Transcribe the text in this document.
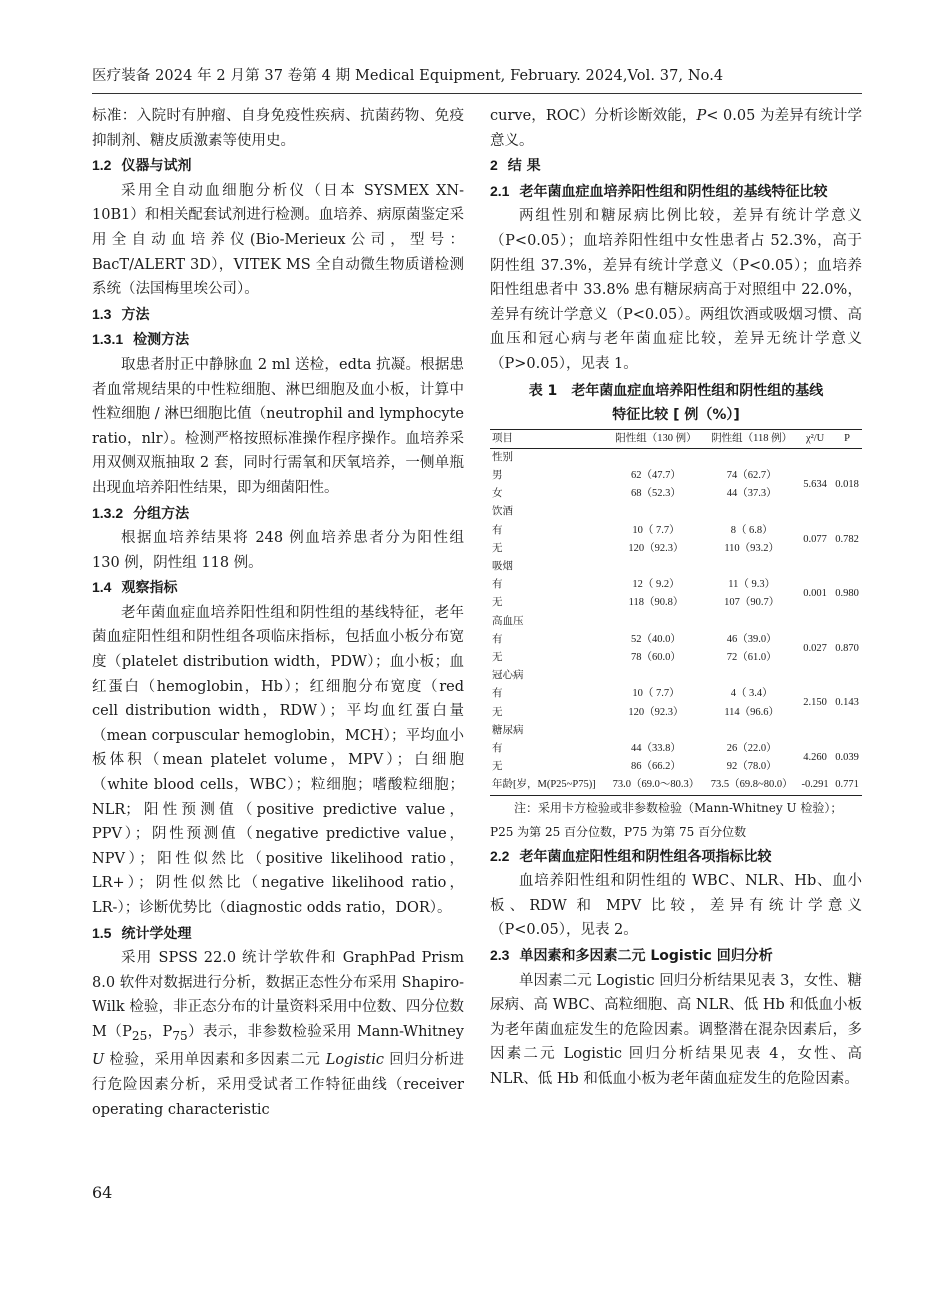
医疗装备 2024 年 2 月第 37 卷第 4 期 Medical Equipment, February. 2024,Vol. 37, No.4

标准：入院时有肿瘤、自身免疫性疾病、抗菌药物、免疫抑制剂、糖皮质激素等使用史。

1.2 仪器与试剂

采用全自动血细胞分析仪（日本 SYSMEX XN-10B1）和相关配套试剂进行检测。血培养、病原菌鉴定采用全自动血培养仪(Bio-Merieux公司，型号：BacT/ALERT 3D），VITEK MS 全自动微生物质谱检测系统（法国梅里埃公司）。

1.3 方法

1.3.1 检测方法

取患者肘正中静脉血 2 ml 送检，edta 抗凝。根据患者血常规结果的中性粒细胞、淋巴细胞及血小板，计算中性粒细胞 / 淋巴细胞比值（neutrophil and lymphocyte ratio，nlr）。检测严格按照标准操作程序操作。血培养采用双侧双瓶抽取 2 套，同时行需氧和厌氧培养，一侧单瓶出现血培养阳性结果，即为细菌阳性。

1.3.2 分组方法

根据血培养结果将 248 例血培养患者分为阳性组 130 例，阴性组 118 例。

1.4 观察指标

老年菌血症血培养阳性组和阴性组的基线特征，老年菌血症阳性组和阴性组各项临床指标，包括血小板分布宽度（platelet distribution width，PDW）；血小板；血红蛋白（hemoglobin，Hb）；红细胞分布宽度（red cell distribution width，RDW）；平均血红蛋白量（mean corpuscular hemoglobin，MCH）；平均血小板体积（mean platelet volume，MPV）；白细胞（white blood cells，WBC）；粒细胞；嗜酸粒细胞；NLR；阳性预测值（positive predictive value，PPV）；阴性预测值（negative predictive value，NPV）；阳性似然比（positive likelihood ratio，LR+）；阴性似然比（negative likelihood ratio，LR-）；诊断优势比（diagnostic odds ratio，DOR）。

1.5 统计学处理

采用 SPSS 22.0 统计学软件和 GraphPad Prism 8.0 软件对数据进行分析，数据正态性分布采用 Shapiro-Wilk 检验，非正态分布的计量资料采用中位数、四分位数 $M(P_{25}$，$P_{75}$）表示，非参数检验采用 Mann-Whitney U 检验，采用单因素和多因素二元 Logistic 回归分析进行危险因素分析，采用受试者工作特征曲线（receiver operating characteristic

curve，ROC）分析诊断效能，P< 0.05 为差异有统计学意义。

2 结 果

2.1 老年菌血症血培养阳性组和阴性组的基线特征比较

两组性别和糖尿病比例比较，差异有统计学意义（P<0.05）；血培养阳性组中女性患者占 52.3%，高于阴性组 37.3%，差异有统计学意义（P<0.05）；血培养阳性组患者中 33.8% 患有糖尿病高于对照组中 22.0%，差异有统计学意义（P<0.05）。两组饮酒或吸烟习惯、高血压和冠心病与老年菌血症比较，差异无统计学意义（P>0.05），见表 1。

表 1 老年菌血症血培养阳性组和阴性组的基线
特征比较 [ 例（%）]
项目	阳性组（130 例）	阴性组（118 例）	χ²/U	P
性别				
男	62（47.7）	74（62.7）	5.634	0.018
女	68（52.3）	44（37.3）		
饮酒				
有	10（ 7.7）	8（ 6.8）	0.077	0.782
无	120（92.3）	110（93.2）		
吸烟				
有	12（ 9.2）	11（ 9.3）	0.001	0.980
无	118（90.8）	107（90.7）		
高血压				
有	52（40.0）	46（39.0）	0.027	0.870
无	78（60.0）	72（61.0）		
冠心病				
有	10（ 7.7）	4（ 3.4）	2.150	0.143
无	120（92.3）	114（96.6）		
糖尿病				
有	44（33.8）	26（22.0）	4.260	0.039
无	86（66.2）	92（78.0）		
年龄[岁，M(P25~P75)]	73.0（69.0～80.3）	73.5（69.8~80.0）	-0.291	0.771

注：采用卡方检验或非参数检验（Mann-Whitney U 检验）；

P25 为第 25 百分位数，P75 为第 75 百分位数

2.2 老年菌血症阳性组和阴性组各项指标比较

血培养阳性组和阴性组的 WBC、NLR、Hb、血小板、RDW 和 MPV 比较，差异有统计学意义（P<0.05），见表 2。

2.3 单因素和多因素二元 Logistic 回归分析

单因素二元 Logistic 回归分析结果见表 3，女性、糖尿病、高 WBC、高粒细胞、高 NLR、低 Hb 和低血小板为老年菌血症发生的危险因素。调整潜在混杂因素后，多因素二元 Logistic 回归分析结果见表 4，女性、高 NLR、低 Hb 和低血小板为老年菌血症发生的危险因素。

64
